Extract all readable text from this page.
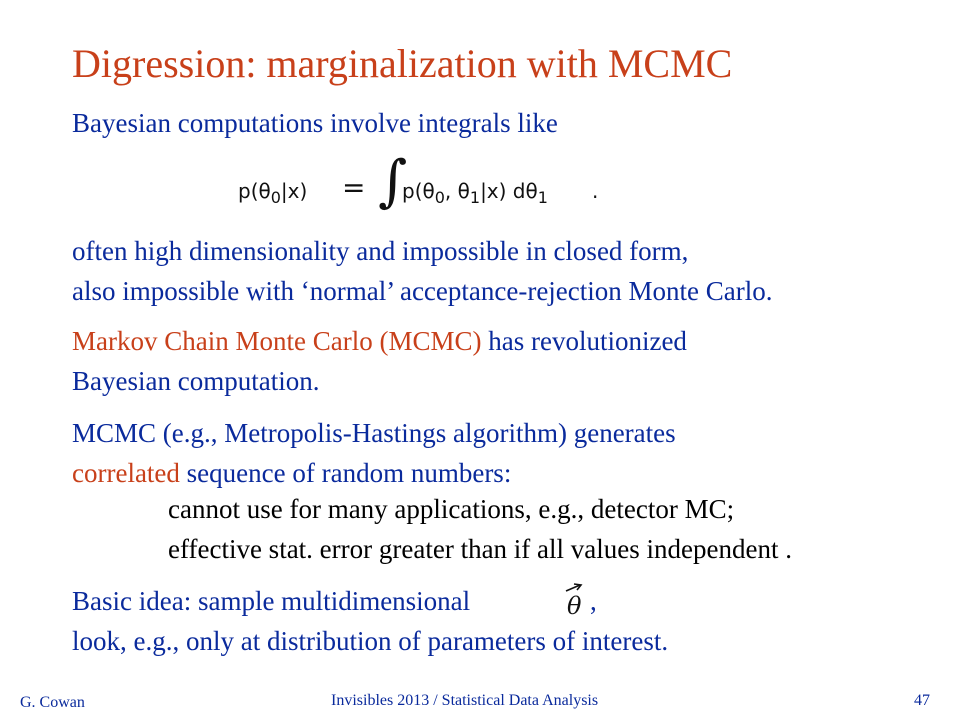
Digression: marginalization with MCMC
Bayesian computations involve integrals like
$p(\theta_0|x)$ = ∫
$p(\theta_0$, $\theta_1|x$) $d\theta_1$ .
often high dimensionality and impossible in closed form,
also impossible with ‘normal’ acceptance-rejection Monte Carlo.
Markov Chain Monte Carlo (MCMC) has revolutionized
Bayesian computation.
MCMC (e.g., Metropolis-Hastings algorithm) generates
correlated sequence of random numbers:
cannot use for many applications, e.g., detector MC;
effective stat. error greater than if all values independent .
Basic idea: sample multidimensional	θ ,
look, e.g., only at distribution of parameters of interest.
G. Cowan	Invisibles 2013 / Statistical Data Analysis	47
